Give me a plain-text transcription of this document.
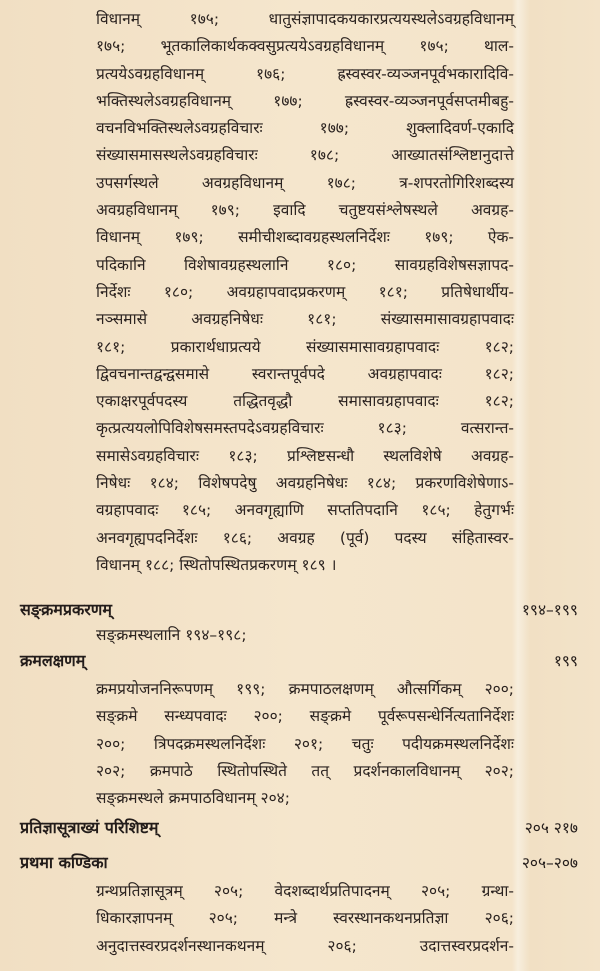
विधानम् १७५; धातुसंज्ञापादकयकारप्रत्ययस्थलेऽवग्रहविधानम्
१७५; भूतकालिकार्थकक्वसुप्रत्ययेऽवग्रहविधानम् १७५; थाल-
प्रत्ययेऽवग्रहविधानम् १७६; ह्रस्वस्वर-व्यञ्जनपूर्वभकारादिवि-
भक्तिस्थलेऽवग्रहविधानम् १७७; ह्रस्वस्वर-व्यञ्जनपूर्वसप्तमीबहु-
वचनविभक्तिस्थलेऽवग्रहविचारः १७७; शुक्लादिवर्ण-एकादि
संख्यासमासस्थलेऽवग्रहविचारः १७८; आख्यातसंश्लिष्टानुदात्ते
उपसर्गस्थले अवग्रहविधानम् १७८; त्र-शपरतोगिरिशब्दस्य
अवग्रहविधानम् १७९; इवादि चतुष्टयसंश्लेषस्थले अवग्रह-
विधानम् १७९; समीचीशब्दावग्रहस्थलनिर्देशः १७९; ऐक-
पदिकानि विशेषावग्रहस्थलानि १८०; सावग्रहविशेषसज्ञापद-
निर्देशः १८०; अवग्रहापवादप्रकरणम् १८१; प्रतिषेधार्थीय-
नञ्समासे अवग्रहनिषेधः १८१; संख्यासमासावग्रहापवादः
१८१; प्रकारार्थधाप्रत्यये संख्यासमासावग्रहापवादः १८२;
द्विवचनान्तद्वन्द्वसमासे स्वरान्तपूर्वपदे अवग्रहापवादः १८२;
एकाक्षरपूर्वपदस्य तद्धितवृद्धौ समासावग्रहापवादः १८२;
कृत्प्रत्ययलोपिविशेषसमस्तपदेऽवग्रहविचारः १८३; वत्सरान्त-
समासेऽवग्रहविचारः १८३; प्रश्लिष्टसन्धौ स्थलविशेषे अवग्रह-
निषेधः १८४; विशेषपदेषु अवग्रहनिषेधः १८४; प्रकरणविशेषेणाऽ-
वग्रहापवादः १८५; अनवगृह्याणि सप्ततिपदानि १८५; हेतुगर्भः
अनवगृह्यपदनिर्देशः १८६; अवग्रह (पूर्व) पदस्य संहितास्वर-
विधानम् १८८; स्थितोपस्थितप्रकरणम् १८९ ।
सङ्क्रमप्रकरणम्	१९४–१९९
सङ्क्रमस्थलानि १९४–१९८;
क्रमलक्षणम्	१९९
क्रमप्रयोजननिरूपणम् १९९; क्रमपाठलक्षणम् औत्सर्गिकम् २००;
सङ्क्रमे सन्ध्यपवादः २००; सङ्क्रमे पूर्वरूपसन्धेर्नित्यतानिर्देशः
२००; त्रिपदक्रमस्थलनिर्देशः २०१; चतुः पदीयक्रमस्थलनिर्देशः
२०२; क्रमपाठे स्थितोपस्थिते तत् प्रदर्शनकालविधानम् २०२;
सङ्क्रमस्थले क्रमपाठविधानम् २०४;
प्रतिज्ञासूत्राख्यं परिशिष्टम्	२०५ २१७
प्रथमा कण्डिका	२०५–२०७
ग्रन्थप्रतिज्ञासूत्रम् २०५; वेदशब्दार्थप्रतिपादनम् २०५; ग्रन्था-
धिकारज्ञापनम् २०५; मन्त्रे स्वरस्थानकथनप्रतिज्ञा २०६;
अनुदात्तस्वरप्रदर्शनस्थानकथनम् २०६; उदात्तस्वरप्रदर्शन-
